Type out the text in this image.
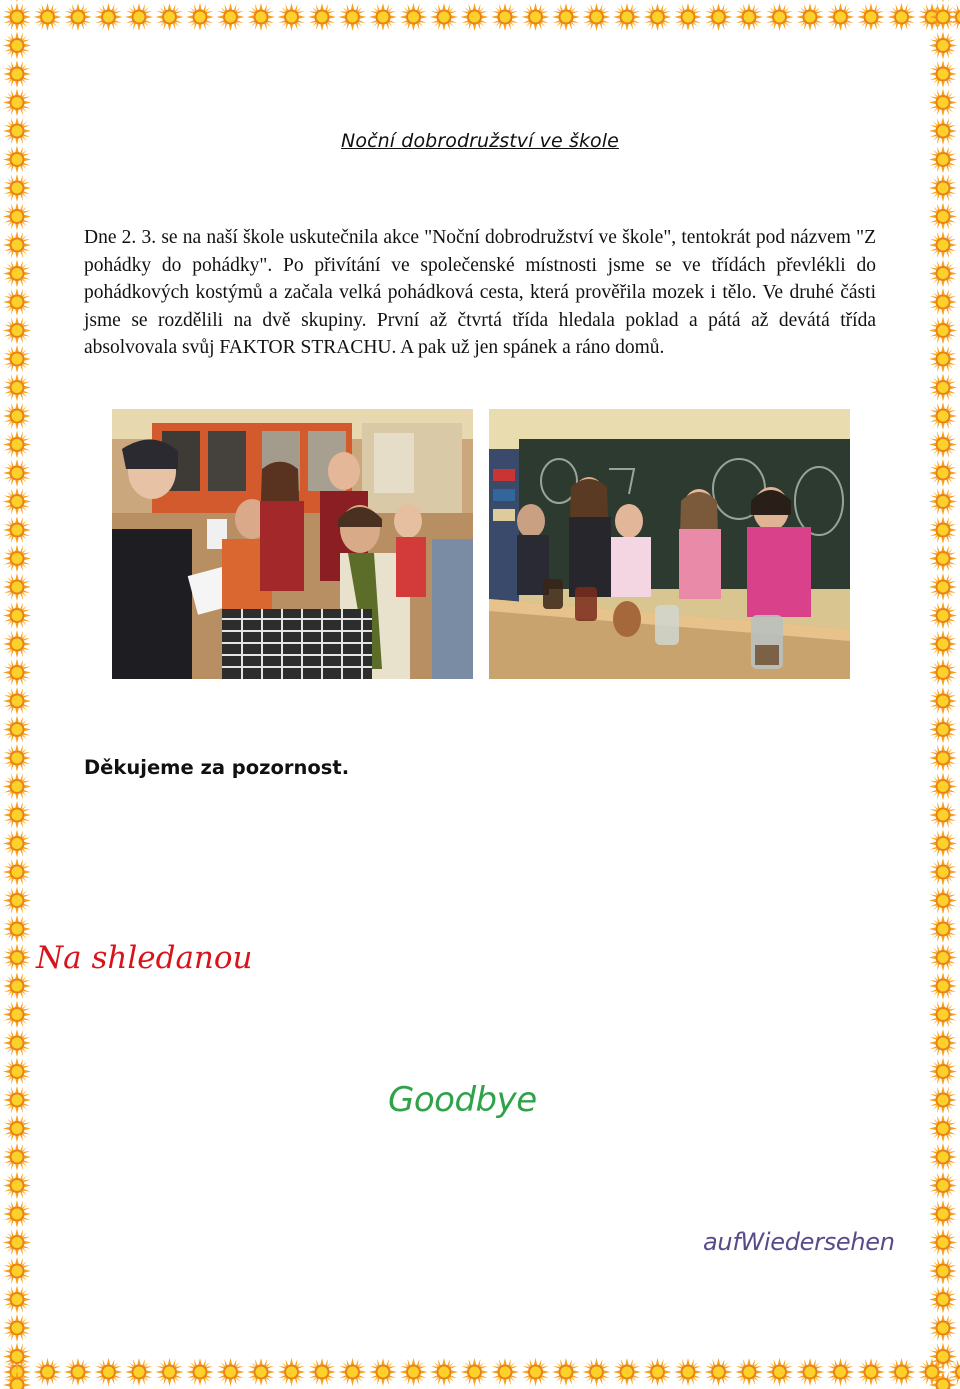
Noční dobrodružství ve škole

Dne 2. 3. se na naší škole uskutečnila akce "Noční dobrodružství ve škole", tentokrát pod názvem "Z pohádky do pohádky". Po přivítání ve společenské místnosti jsme se ve třídách převlékli do pohádkových kostýmů a začala velká pohádková cesta, která prověřila mozek i tělo. Ve druhé části jsme se rozdělili na dvě skupiny. První až čtvrtá třída hledala poklad a pátá až devátá třída absolvovala svůj FAKTOR STRACHU. A pak už jen spánek a ráno domů.

Děkujeme za pozornost.
Na shledanou
Goodbye
aufWiedersehen
